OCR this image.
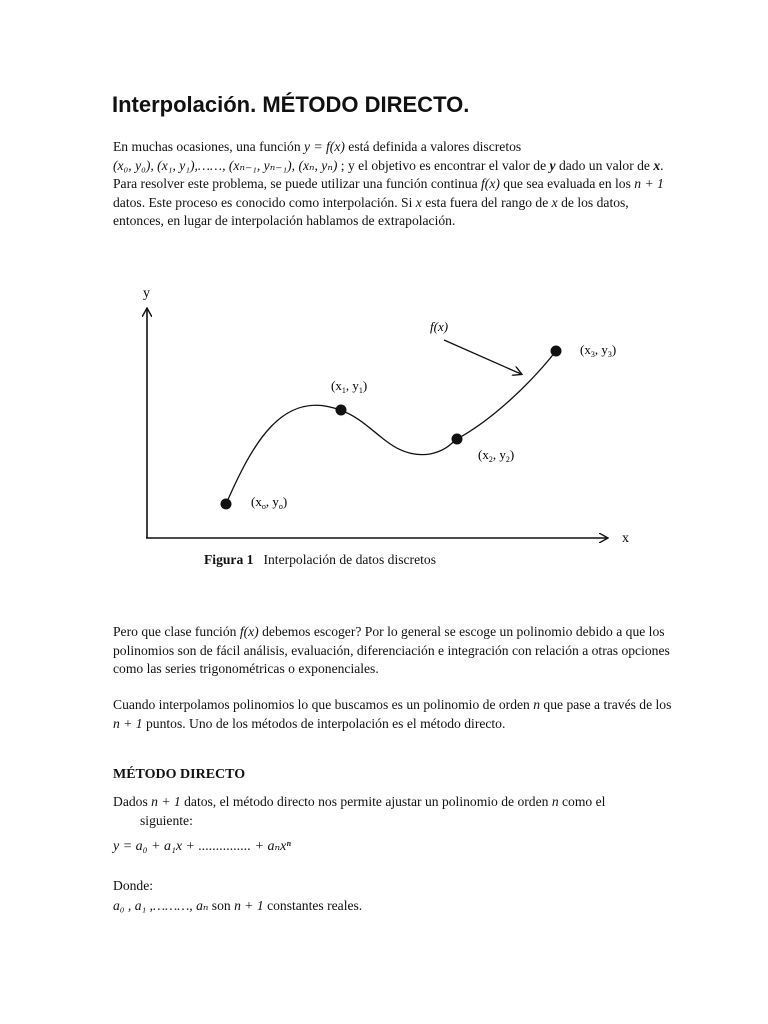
Interpolación. MÉTODO DIRECTO.

En muchas ocasiones, una función y = f(x) está definida a valores discretos
(x₀, y₀), (x₁, y₁),……, (xₙ₋₁, yₙ₋₁), (xₙ, yₙ) ; y el objetivo es encontrar el valor de y dado un valor de x. Para resolver este problema, se puede utilizar una función continua f(x) que sea evaluada en los n + 1 datos. Este proceso es conocido como interpolación. Si x esta fuera del rango de x de los datos, entonces, en lugar de interpolación hablamos de extrapolación.

y
x
f(x)
($x_o$, $y_o$)
($x_1$, $y_1$)
($x_2$, $y_2$)
($x_3$, $y_3$)
Figura 1 Interpolación de datos discretos

Pero que clase función f(x) debemos escoger? Por lo general se escoge un polinomio debido a que los polinomios son de fácil análisis, evaluación, diferenciación e integración con relación a otras opciones como las series trigonométricas o exponenciales.

Cuando interpolamos polinomios lo que buscamos es un polinomio de orden n que pase a través de los n + 1 puntos. Uno de los métodos de interpolación es el método directo.

MÉTODO DIRECTO

Dados n + 1 datos, el método directo nos permite ajustar un polinomio de orden n como el
siguiente:

y = a₀ + a₁x + ............... + aₙxⁿ

Donde:

a₀ , a₁ ,………, aₙ son n + 1 constantes reales.
